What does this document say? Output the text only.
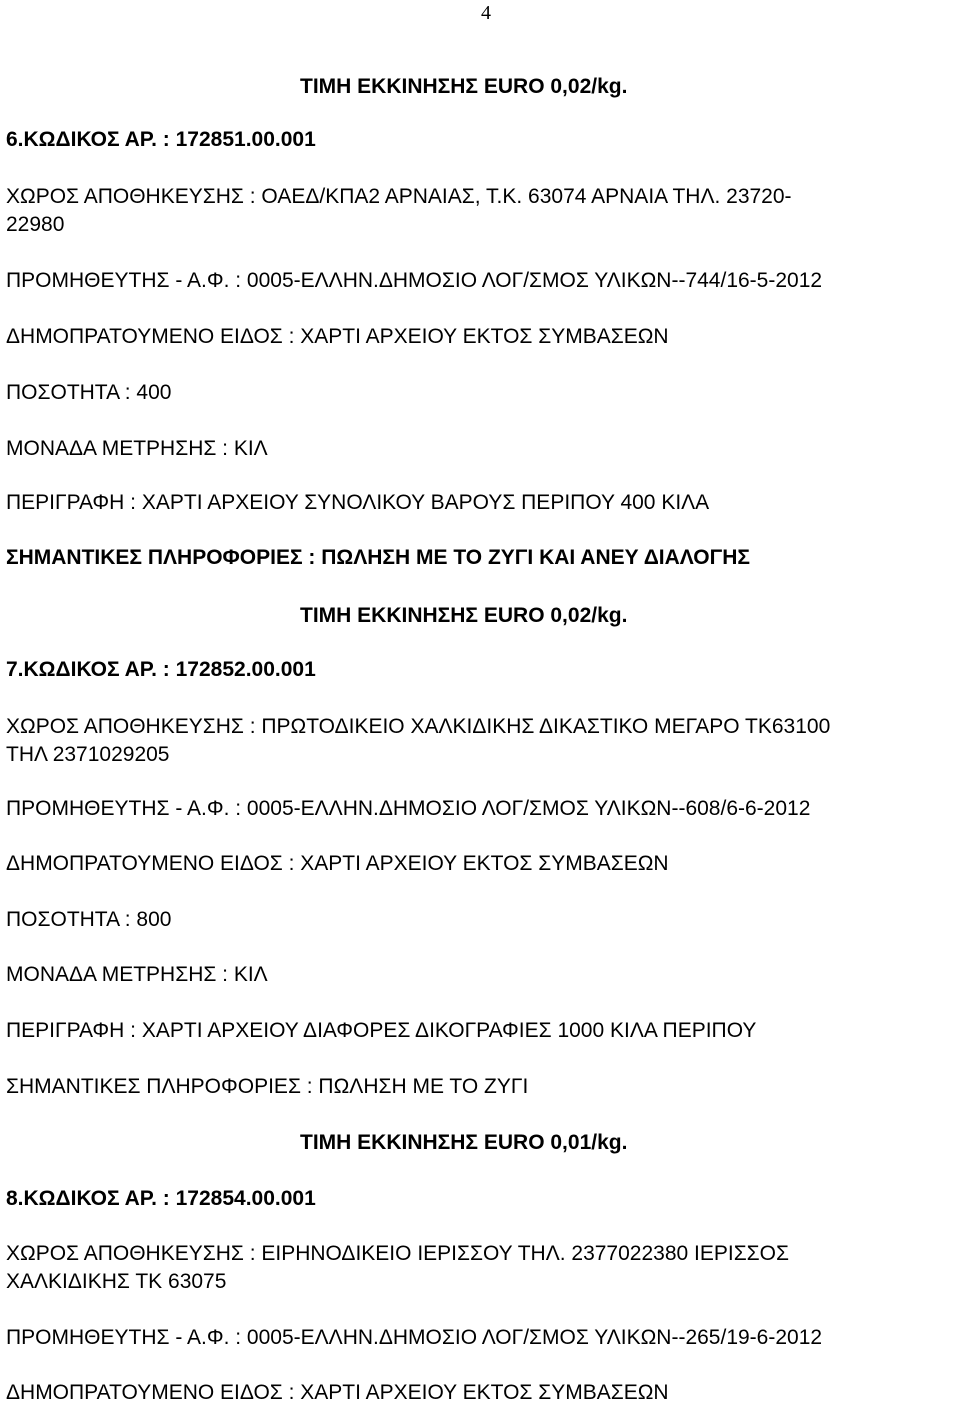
4
ΤΙΜΗ ΕΚΚΙΝΗΣΗΣ EURO 0,02/kg.
6.ΚΩΔΙΚΟΣ ΑΡ. : 172851.00.001
ΧΩΡΟΣ ΑΠΟΘΗΚΕΥΣΗΣ : ΟΑΕΔ/ΚΠΑ2 ΑΡΝΑΙΑΣ, Τ.Κ. 63074 ΑΡΝΑΙΑ ΤΗΛ. 23720-
22980
ΠΡΟΜΗΘΕΥΤΗΣ - Α.Φ. : 0005-ΕΛΛΗΝ.ΔΗΜΟΣΙΟ ΛΟΓ/ΣΜΟΣ ΥΛΙΚΩΝ--744/16-5-2012
ΔΗΜΟΠΡΑΤΟΥΜΕΝΟ ΕΙΔΟΣ : ΧΑΡΤΙ ΑΡΧΕΙΟΥ ΕΚΤΟΣ ΣΥΜΒΑΣΕΩΝ
ΠΟΣΟΤΗΤΑ : 400
ΜΟΝΑΔΑ ΜΕΤΡΗΣΗΣ : ΚΙΛ
ΠΕΡΙΓΡΑΦΗ : ΧΑΡΤΙ ΑΡΧΕΙΟΥ ΣΥΝΟΛΙΚΟΥ ΒΑΡΟΥΣ ΠΕΡΙΠΟΥ 400 ΚΙΛΑ
ΣΗΜΑΝΤΙΚΕΣ ΠΛΗΡΟΦΟΡΙΕΣ : ΠΩΛΗΣΗ ΜΕ ΤΟ ΖΥΓΙ ΚΑΙ ΑΝΕΥ ΔΙΑΛΟΓΗΣ
ΤΙΜΗ ΕΚΚΙΝΗΣΗΣ EURO 0,02/kg.
7.ΚΩΔΙΚΟΣ ΑΡ. : 172852.00.001
ΧΩΡΟΣ ΑΠΟΘΗΚΕΥΣΗΣ : ΠΡΩΤΟΔΙΚΕΙΟ ΧΑΛΚΙΔΙΚΗΣ ΔΙΚΑΣΤΙΚΟ ΜΕΓΑΡΟ ΤΚ63100
ΤΗΛ 2371029205
ΠΡΟΜΗΘΕΥΤΗΣ - Α.Φ. : 0005-ΕΛΛΗΝ.ΔΗΜΟΣΙΟ ΛΟΓ/ΣΜΟΣ ΥΛΙΚΩΝ--608/6-6-2012
ΔΗΜΟΠΡΑΤΟΥΜΕΝΟ ΕΙΔΟΣ : ΧΑΡΤΙ ΑΡΧΕΙΟΥ ΕΚΤΟΣ ΣΥΜΒΑΣΕΩΝ
ΠΟΣΟΤΗΤΑ : 800
ΜΟΝΑΔΑ ΜΕΤΡΗΣΗΣ : ΚΙΛ
ΠΕΡΙΓΡΑΦΗ : ΧΑΡΤΙ ΑΡΧΕΙΟΥ ΔΙΑΦΟΡΕΣ ΔΙΚΟΓΡΑΦΙΕΣ 1000 ΚΙΛΑ ΠΕΡΙΠΟΥ
ΣΗΜΑΝΤΙΚΕΣ ΠΛΗΡΟΦΟΡΙΕΣ : ΠΩΛΗΣΗ ΜΕ ΤΟ ΖΥΓΙ
ΤΙΜΗ ΕΚΚΙΝΗΣΗΣ EURO 0,01/kg.
8.ΚΩΔΙΚΟΣ ΑΡ. : 172854.00.001
ΧΩΡΟΣ ΑΠΟΘΗΚΕΥΣΗΣ : ΕΙΡΗΝΟΔΙΚΕΙΟ ΙΕΡΙΣΣΟΥ ΤΗΛ. 2377022380 ΙΕΡΙΣΣΟΣ
ΧΑΛΚΙΔΙΚΗΣ ΤΚ 63075
ΠΡΟΜΗΘΕΥΤΗΣ - Α.Φ. : 0005-ΕΛΛΗΝ.ΔΗΜΟΣΙΟ ΛΟΓ/ΣΜΟΣ ΥΛΙΚΩΝ--265/19-6-2012
ΔΗΜΟΠΡΑΤΟΥΜΕΝΟ ΕΙΔΟΣ : ΧΑΡΤΙ ΑΡΧΕΙΟΥ ΕΚΤΟΣ ΣΥΜΒΑΣΕΩΝ
